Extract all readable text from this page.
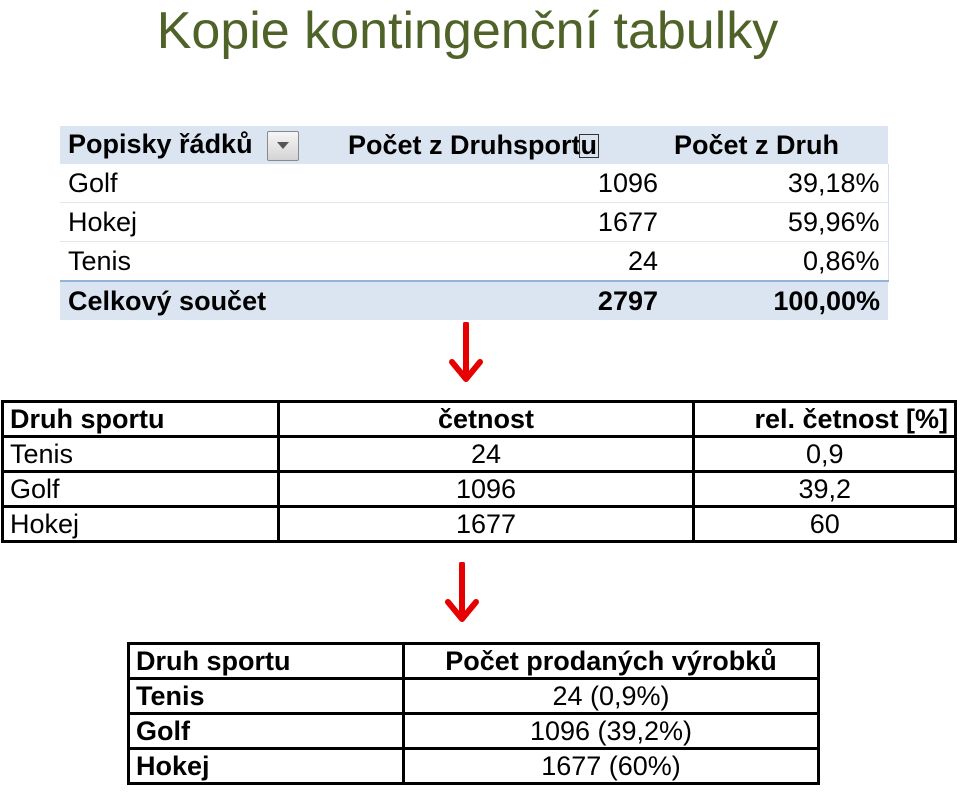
Kopie kontingenční tabulky
Popisky řádků	Počet z Druhsportu	Počet z Druh
Golf	1096	39,18%
Hokej	1677	59,96%
Tenis	24	0,86%
Celkový součet	2797	100,00%
Druh sportu	četnost	rel. četnost [%]
Tenis	24	0,9
Golf	1096	39,2
Hokej	1677	60
Druh sportu	Počet prodaných výrobků
Tenis	24 (0,9%)
Golf	1096 (39,2%)
Hokej	1677 (60%)
